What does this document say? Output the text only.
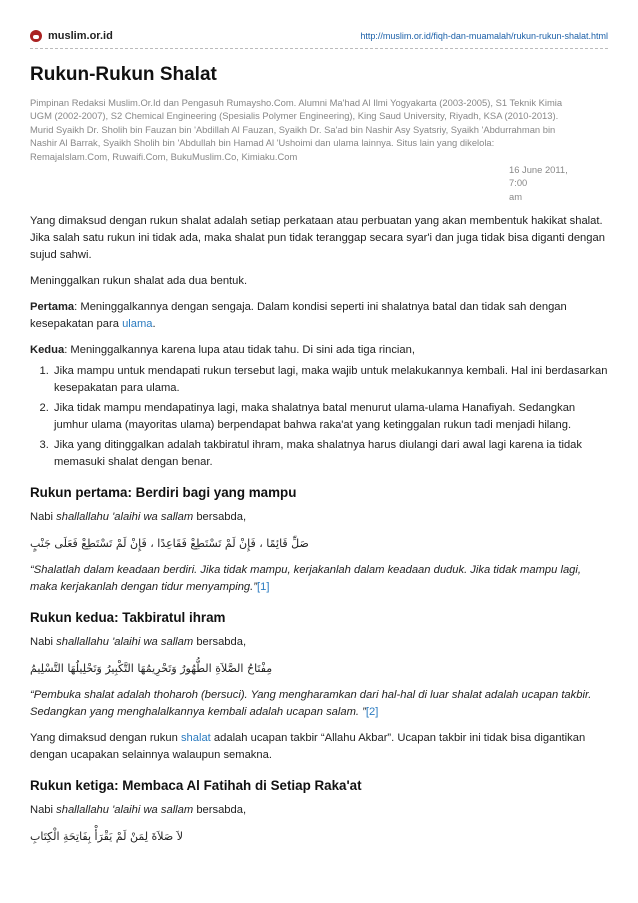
muslim.or.id	http://muslim.or.id/fiqh-dan-muamalah/rukun-rukun-shalat.html
Rukun-Rukun Shalat
Pimpinan Redaksi Muslim.Or.Id dan Pengasuh Rumaysho.Com. Alumni Ma'had Al Ilmi Yogyakarta (2003-2005), S1 Teknik Kimia
UGM (2002-2007), S2 Chemical Engineering (Spesialis Polymer Engineering), King Saud University, Riyadh, KSA (2010-2013).
Murid Syaikh Dr. Sholih bin Fauzan bin 'Abdillah Al Fauzan, Syaikh Dr. Sa'ad bin Nashir Asy Syatsriy, Syaikh 'Abdurrahman bin
Nashir Al Barrak, Syaikh Sholih bin 'Abdullah bin Hamad Al 'Ushoimi dan ulama lainnya. Situs lain yang dikelola:
RemajaIslam.Com, Ruwaifi.Com, BukuMuslim.Co, Kimiaku.Com
16 June 2011, 7:00
am

Yang dimaksud dengan rukun shalat adalah setiap perkataan atau perbuatan yang akan membentuk hakikat shalat. Jika salah satu rukun ini tidak ada, maka shalat pun tidak teranggap secara syar'i dan juga tidak bisa diganti dengan sujud sahwi.

Meninggalkan rukun shalat ada dua bentuk.

Pertama: Meninggalkannya dengan sengaja. Dalam kondisi seperti ini shalatnya batal dan tidak sah dengan kesepakatan para ulama.

Kedua: Meninggalkannya karena lupa atau tidak tahu. Di sini ada tiga rincian,

1. Jika mampu untuk mendapati rukun tersebut lagi, maka wajib untuk melakukannya kembali. Hal ini berdasarkan kesepakatan para ulama.
2. Jika tidak mampu mendapatinya lagi, maka shalatnya batal menurut ulama-ulama Hanafiyah. Sedangkan jumhur ulama (mayoritas ulama) berpendapat bahwa raka'at yang ketinggalan rukun tadi menjadi hilang.
3. Jika yang ditinggalkan adalah takbiratul ihram, maka shalatnya harus diulangi dari awal lagi karena ia tidak memasuki shalat dengan benar.
Rukun pertama: Berdiri bagi yang mampu

Nabi shallallahu 'alaihi wa sallam bersabda,

صَلِّ قَائِمًا ، فَإِنْ لَمْ تَسْتَطِعْ فَقَاعِدًا ، فَإِنْ لَمْ تَسْتَطِعْ فَعَلَى جَنْبٍ

“Shalatlah dalam keadaan berdiri. Jika tidak mampu, kerjakanlah dalam keadaan duduk. Jika tidak mampu lagi, maka kerjakanlah dengan tidur menyamping.”[1]

Rukun kedua: Takbiratul ihram

Nabi shallallahu 'alaihi wa sallam bersabda,

مِفْتَاحُ الصَّلاَةِ الطُّهُورُ وَتَحْرِيمُهَا التَّكْبِيرُ وَتَحْلِيلُهَا التَّسْلِيمُ

“Pembuka shalat adalah thoharoh (bersuci). Yang mengharamkan dari hal-hal di luar shalat adalah ucapan takbir. Sedangkan yang menghalalkannya kembali adalah ucapan salam. ”[2]

Yang dimaksud dengan rukun shalat adalah ucapan takbir “Allahu Akbar”. Ucapan takbir ini tidak bisa digantikan dengan ucapakan selainnya walaupun semakna.

Rukun ketiga: Membaca Al Fatihah di Setiap Raka'at

Nabi shallallahu 'alaihi wa sallam bersabda,

لاَ صَلاَةَ لِمَنْ لَمْ يَقْرَأْ بِفَاتِحَةِ الْكِتَابِ
